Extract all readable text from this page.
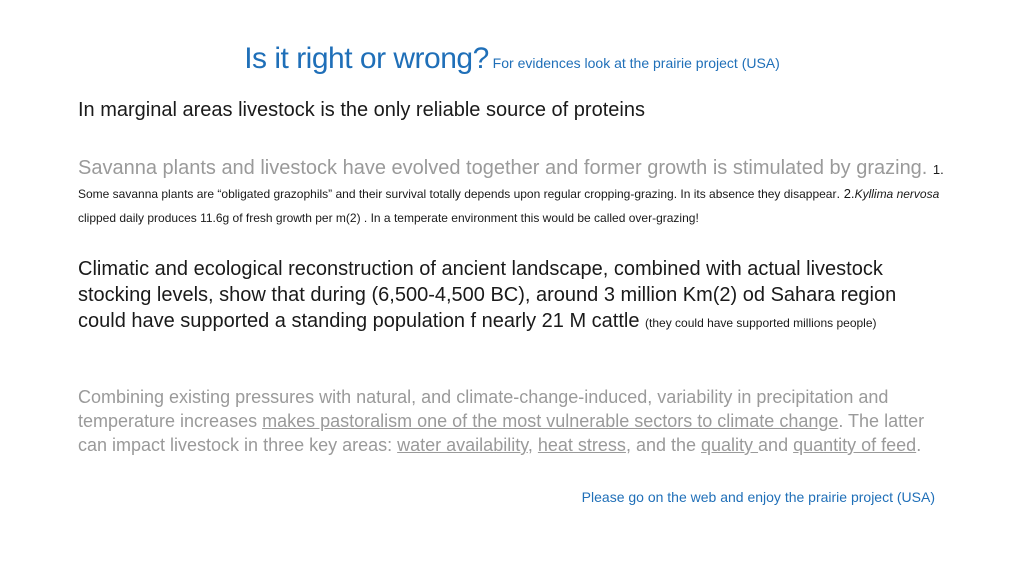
Is it right or wrong? For evidences look at the prairie project (USA)
In marginal areas livestock is the only reliable source of proteins
Savanna plants and livestock have evolved together and former growth is stimulated by grazing. 1. Some savanna plants are “obligated grazophils” and their survival totally depends upon regular cropping-grazing. In its absence they disappear. 2.Kyllima nervosa clipped daily produces 11.6g of fresh growth per m(2) . In a temperate environment this would be called over-grazing!
Climatic and ecological reconstruction of ancient landscape, combined with actual livestock stocking levels, show that during (6,500-4,500 BC), around 3 million Km(2) od Sahara region could have supported a standing population f nearly 21 M cattle (they could have supported millions people)
Combining existing pressures with natural, and climate-change-induced, variability in precipitation and temperature increases makes pastoralism one of the most vulnerable sectors to climate change. The latter can impact livestock in three key areas: water availability, heat stress, and the quality and quantity of feed.
Please go on the web and enjoy the prairie project (USA)
